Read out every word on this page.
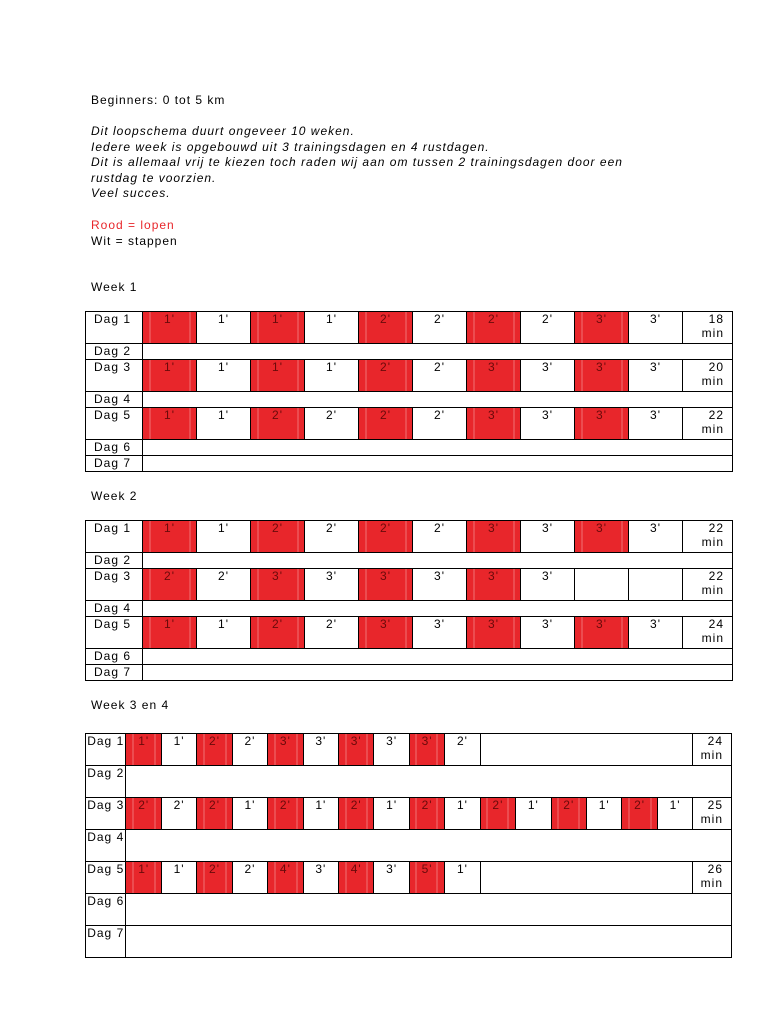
Beginners: 0 tot 5 km

Dit loopschema duurt ongeveer 10 weken.
Iedere week is opgebouwd uit 3 trainingsdagen en 4 rustdagen.
Dit is allemaal vrij te kiezen toch raden wij aan om tussen 2 trainingsdagen door een
rustdag te voorzien.
Veel succes.

Rood = lopen

Wit = stappen

Week 1

Dag 1	1'	1'	1'	1'	2'	2'	2'	2'	3'	3'	18 min
Dag 2											
Dag 3	1'	1'	1'	1'	2'	2'	3'	3'	3'	3'	20 min
Dag 4											
Dag 5	1'	1'	2'	2'	2'	2'	3'	3'	3'	3'	22 min
Dag 6											
Dag 7											

Week 2

Dag 1	1'	1'	2'	2'	2'	2'	3'	3'	3'	3'	22 min
Dag 2											
Dag 3	2'	2'	3'	3'	3'	3'	3'	3'			22 min
Dag 4											
Dag 5	1'	1'	2'	2'	3'	3'	3'	3'	3'	3'	24 min
Dag 6											
Dag 7											

Week 3 en 4

Dag 1	1'	1'	2'	2'	3'	3'	3'	3'	3'	2'							24 min
Dag 2																	
Dag 3	2'	2'	2'	1'	2'	1'	2'	1'	2'	1'	2'	1'	2'	1'	2'	1'	25 min
Dag 4																	
Dag 5	1'	1'	2'	2'	4'	3'	4'	3'	5'	1'							26 min
Dag 6																	
Dag 7																	
